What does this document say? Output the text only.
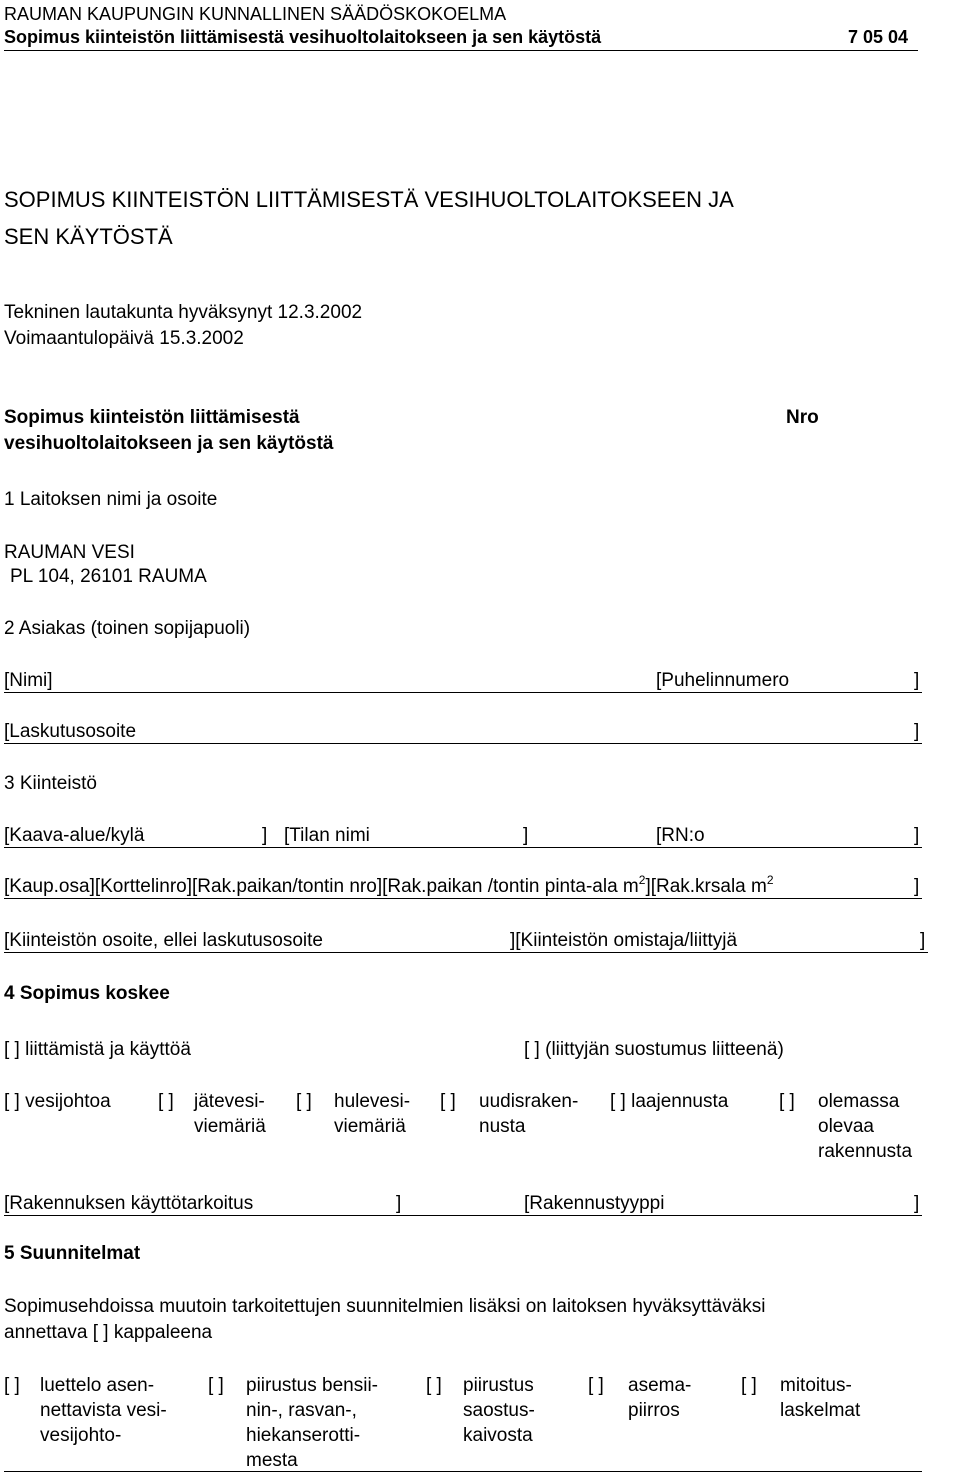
RAUMAN KAUPUNGIN KUNNALLINEN SÄÄDÖSKOKOELMA
Sopimus kiinteistön liittämisestä vesihuoltolaitokseen ja sen käytöstä	7 05 04
SOPIMUS KIINTEISTÖN LIITTÄMISESTÄ VESIHUOLTOLAITOKSEEN JA
SEN KÄYTÖSTÄ
Tekninen lautakunta hyväksynyt 12.3.2002
Voimaantulopäivä 15.3.2002
Sopimus kiinteistön liittämisestä
vesihuoltolaitokseen ja sen käytöstä
Nro
1 Laitoksen nimi ja osoite
RAUMAN VESI
PL 104, 26101 RAUMA
2 Asiakas (toinen sopijapuoli)
[Nimi]	[Puhelinnumero	]
[Laskutusosoite	]
3 Kiinteistö
[Kaava-alue/kylä	] [Tilan nimi	]	[RN:o	]
[Kaup.osa][Korttelinro][Rak.paikan/tontin nro][Rak.paikan /tontin pinta-ala $m^2][Rak.krsala$ $m^2$	]
[Kiinteistön osoite, ellei laskutusosoite	][Kiinteistön omistaja/liittyjä	]
4 Sopimus koskee
[ ] liittämistä ja käyttöä	[ ] (liittyjän suostumus liitteenä)
[ ] vesijohtoa [ ] jätevesi-
viemäriä
[ ] hulevesi-
viemäriä
[ ] uudisraken-
nusta
[ ] laajennusta	[ ] olemassa
olevaa
rakennusta
[Rakennuksen käyttötarkoitus	]	[Rakennustyyppi	]
5 Suunnitelmat
Sopimusehdoissa muutoin tarkoitettujen suunnitelmien lisäksi on laitoksen hyväksyttäväksi
annettava [ ] kappaleena
[ ] luettelo asen-
nettavista vesi-
vesijohto-
[ ] piirustus bensii-
nin-, rasvan-,
hiekanserotti-
mesta
[ ] piirustus
saostus-
kaivosta
[ ] asema-
piirros
[ ] mitoitus-
laskelmat
